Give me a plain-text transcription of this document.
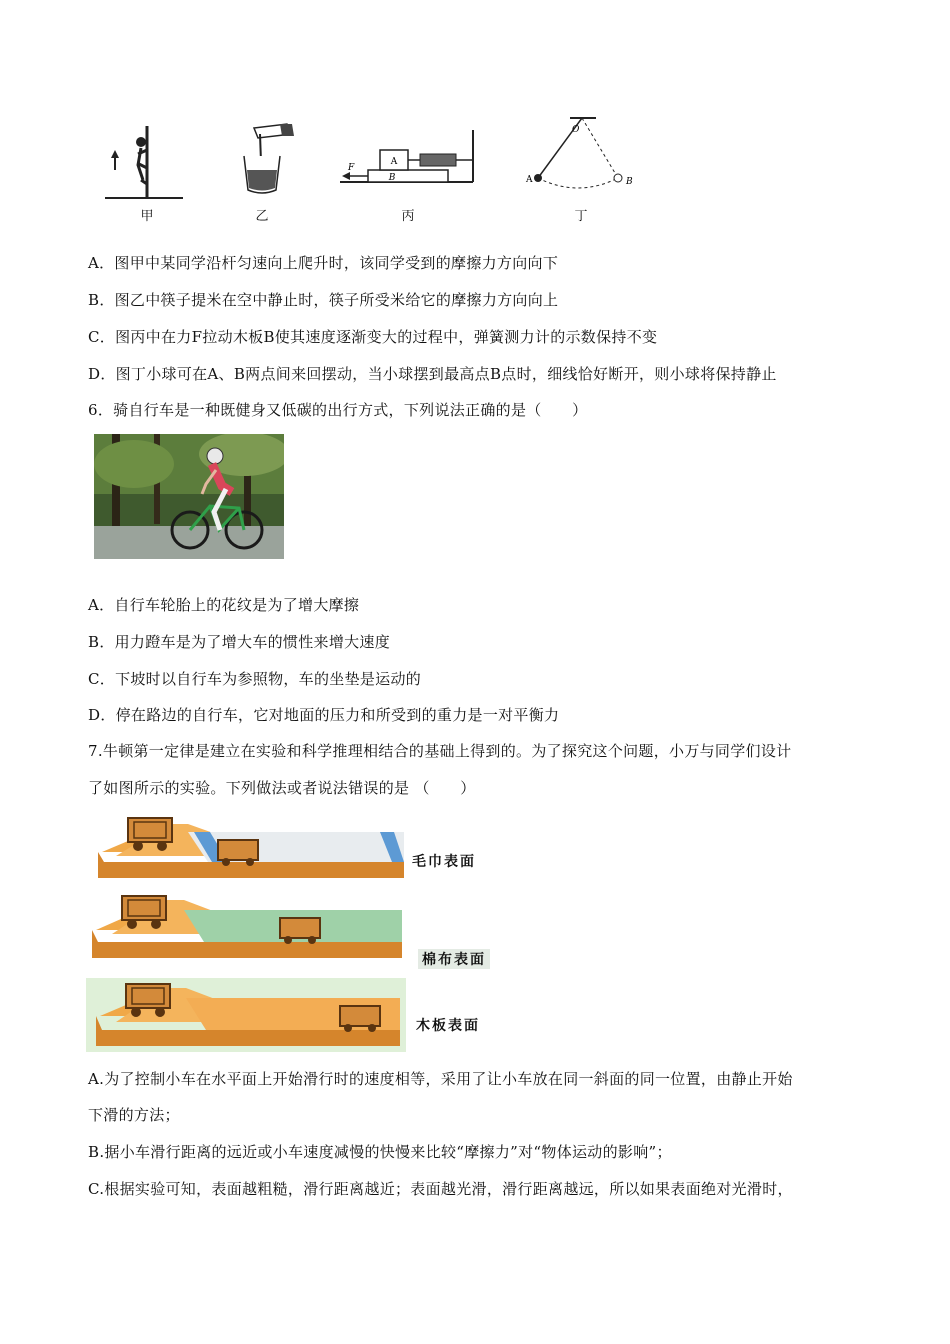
甲	乙
A
B
F
丙
O
A	B
丁
A．图甲中某同学沿杆匀速向上爬升时，该同学受到的摩擦力方向向下
B．图乙中筷子提米在空中静止时，筷子所受米给它的摩擦力方向向上
C．图丙中在力F拉动木板B使其速度逐渐变大的过程中，弹簧测力计的示数保持不变
D．图丁小球可在A、B两点间来回摆动，当小球摆到最高点B点时，细线恰好断开，则小球将保持静止
6．骑自行车是一种既健身又低碳的出行方式，下列说法正确的是（　　）
A．自行车轮胎上的花纹是为了增大摩擦
B．用力蹬车是为了增大车的惯性来增大速度
C．下坡时以自行车为参照物，车的坐垫是运动的
D．停在路边的自行车，它对地面的压力和所受到的重力是一对平衡力
7.牛顿第一定律是建立在实验和科学推理相结合的基础上得到的。为了探究这个问题，小万与同学们设计
了如图所示的实验。下列做法或者说法错误的是 （　　）
毛巾表面
棉布表面
木板表面
A.为了控制小车在水平面上开始滑行时的速度相等，采用了让小车放在同一斜面的同一位置，由静止开始
下滑的方法；
B.据小车滑行距离的远近或小车速度减慢的快慢来比较“摩擦力”对“物体运动的影响”；
C.根据实验可知，表面越粗糙，滑行距离越近；表面越光滑，滑行距离越远，所以如果表面绝对光滑时，
